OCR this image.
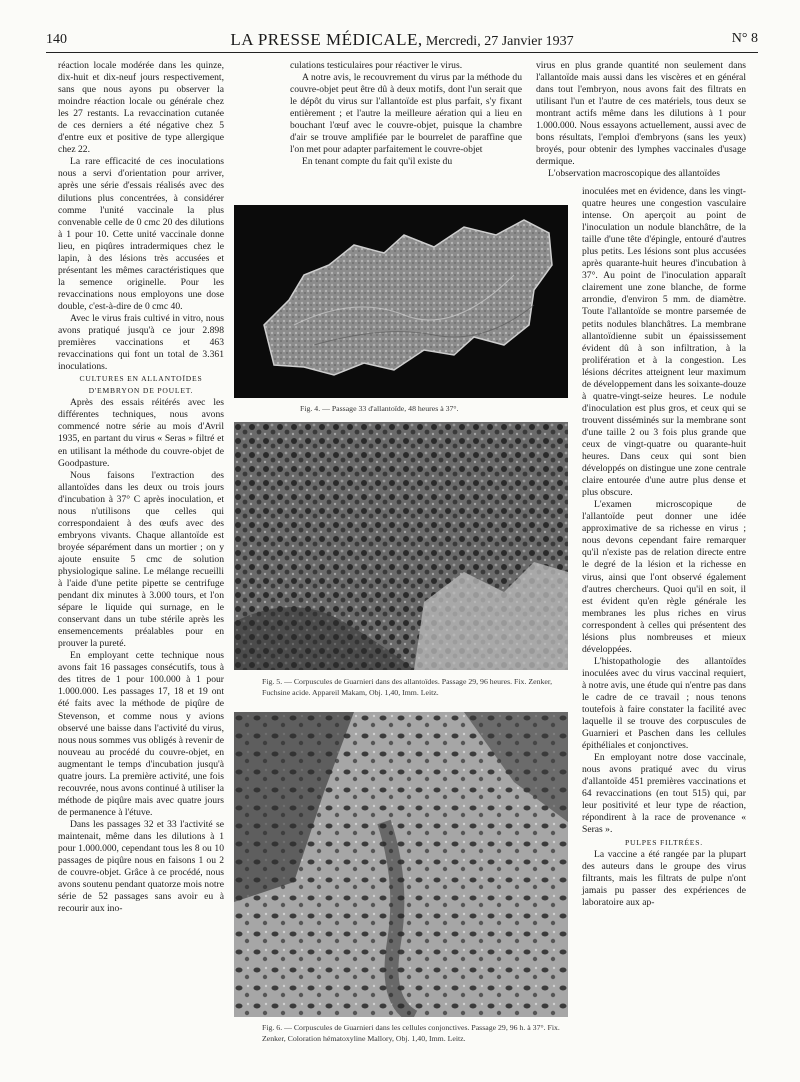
140	LA PRESSE MÉDICALE, Mercredi, 27 Janvier 1937	N° 8

réaction locale modérée dans les quinze, dix-huit et dix-neuf jours respectivement, sans que nous ayons pu observer la moindre réaction locale ou générale chez les 27 restants. La revaccination cutanée de ces derniers a été négative chez 5 d'entre eux et positive de type allergique chez 22.

La rare efficacité de ces inoculations nous a servi d'orientation pour arriver, après une série d'essais réalisés avec des dilutions plus concentrées, à considérer comme l'unité vaccinale la plus convenable celle de 0 cmc 20 des dilutions à 1 pour 10. Cette unité vaccinale donne lieu, en piqûres intradermiques chez le lapin, à des lésions très accusées et présentant les mêmes caractéristiques que la semence originelle. Pour les revaccinations nous employons une dose double, c'est-à-dire de 0 cmc 40.

Avec le virus frais cultivé in vitro, nous avons pratiqué jusqu'à ce jour 2.898 premières vaccinations et 463 revaccinations qui font un total de 3.361 inoculations.

CULTURES EN ALLANTOÏDES D'EMBRYON DE POULET.

Après des essais réitérés avec les différentes techniques, nous avons commencé notre série au mois d'Avril 1935, en partant du virus « Seras » filtré et en utilisant la méthode du couvre-objet de Goodpasture.

Nous faisons l'extraction des allantoïdes dans les deux ou trois jours d'incubation à 37° C après inoculation, et nous n'utilisons que celles qui correspondaient à des œufs avec des embryons vivants. Chaque allantoïde est broyée séparément dans un mortier ; on y ajoute ensuite 5 cmc de solution physiologique saline. Le mélange recueilli à l'aide d'une petite pipette se centrifuge pendant dix minutes à 3.000 tours, et l'on sépare le liquide qui surnage, en le conservant dans un tube stérile après les ensemencements préalables pour en prouver la pureté.

En employant cette technique nous avons fait 16 passages consécutifs, tous à des titres de 1 pour 100.000 à 1 pour 1.000.000. Les passages 17, 18 et 19 ont été faits avec la méthode de piqûre de Stevenson, et comme nous y avions observé une baisse dans l'activité du virus, nous nous sommes vus obligés à revenir de nouveau au procédé du couvre-objet, en augmentant le temps d'incubation jusqu'à quatre jours. La première activité, une fois recouvrée, nous avons continué à utiliser la méthode de piqûre mais avec quatre jours de permanence à l'étuve.

Dans les passages 32 et 33 l'activité se maintenait, même dans les dilutions à 1 pour 1.000.000, cependant tous les 8 ou 10 passages de piqûre nous en faisons 1 ou 2 de couvre-objet. Grâce à ce procédé, nous avons soutenu pendant quatorze mois notre série de 52 passages sans avoir eu à recourir aux ino-

culations testiculaires pour réactiver le virus.

A notre avis, le recouvrement du virus par la méthode du couvre-objet peut être dû à deux motifs, dont l'un serait que le dépôt du virus sur l'allantoïde est plus parfait, s'y fixant entièrement ; et l'autre la meilleure aération qui a lieu en bouchant l'œuf avec le couvre-objet, puisque la chambre d'air se trouve amplifiée par le bourrelet de paraffine que l'on met pour adapter parfaitement le couvre-objet

En tenant compte du fait qu'il existe du

virus en plus grande quantité non seulement dans l'allantoïde mais aussi dans les viscères et en général dans tout l'embryon, nous avons fait des filtrats en utilisant l'un et l'autre de ces matériels, tous deux se montrant actifs même dans les dilutions à 1 pour 1.000.000. Nous essayons actuellement, aussi avec de bons résultats, l'emploi d'embryons (sans les yeux) broyés, pour obtenir des lymphes vaccinales d'usage dermique.

L'observation macroscopique des allantoïdes

inoculées met en évidence, dans les vingt-quatre heures une congestion vasculaire intense. On aperçoit au point de l'inoculation un nodule blanchâtre, de la taille d'une tête d'épingle, entouré d'autres plus petits. Les lésions sont plus accusées après quarante-huit heures d'incubation à 37°. Au point de l'inoculation apparaît clairement une zone blanche, de forme arrondie, d'environ 5 mm. de diamètre. Toute l'allantoïde se montre parsemée de petits nodules blanchâtres. La membrane allantoïdienne subit un épaississement évident dû à son infiltration, à la prolifération et à la congestion. Les lésions décrites atteignent leur maximum de développement dans les soixante-douze à quatre-vingt-seize heures. Le nodule d'inoculation est plus gros, et ceux qui se trouvent disséminés sur la membrane sont d'une taille 2 ou 3 fois plus grande que ceux de vingt-quatre ou quarante-huit heures. Dans ceux qui sont bien développés on distingue une zone centrale claire entourée d'une autre plus dense et plus obscure.

L'examen microscopique de l'allantoïde peut donner une idée approximative de sa richesse en virus ; nous devons cependant faire remarquer qu'il n'existe pas de relation directe entre le degré de la lésion et la richesse en virus, ainsi que l'ont observé également d'autres chercheurs. Quoi qu'il en soit, il est évident qu'en règle générale les membranes les plus riches en virus correspondent à celles qui présentent des lésions plus nombreuses et mieux développées.

L'histopathologie des allantoïdes inoculées avec du virus vaccinal requiert, à notre avis, une étude qui n'entre pas dans le cadre de ce travail ; nous tenons toutefois à faire constater la facilité avec laquelle il se trouve des corpuscules de Guarnieri et Paschen dans les cellules épithéliales et conjonctives.

En employant notre dose vaccinale, nous avons pratiqué avec du virus d'allantoïde 451 premières vaccinations et 64 revaccinations (en tout 515) qui, par leur positivité et leur type de réaction, répondirent à la race de provenance « Seras ».

PULPES FILTRÉES.

La vaccine a été rangée par la plupart des auteurs dans le groupe des virus filtrants, mais les filtrats de pulpe n'ont jamais pu passer des expériences de laboratoire aux ap-

Fig. 4. — Passage 33 d'allantoïde, 48 heures à 37°.
Fig. 5. — Corpuscules de Guarnieri dans des allantoïdes. Passage 29, 96 heures. Fix. Zenker, Fuchsine acide. Appareil Makam, Obj. 1,40, Imm. Leitz.
Fig. 6. — Corpuscules de Guarnieri dans les cellules conjonctives. Passage 29, 96 h. à 37°. Fix. Zenker, Coloration hématoxyline Mallory, Obj. 1,40, Imm. Leitz.
